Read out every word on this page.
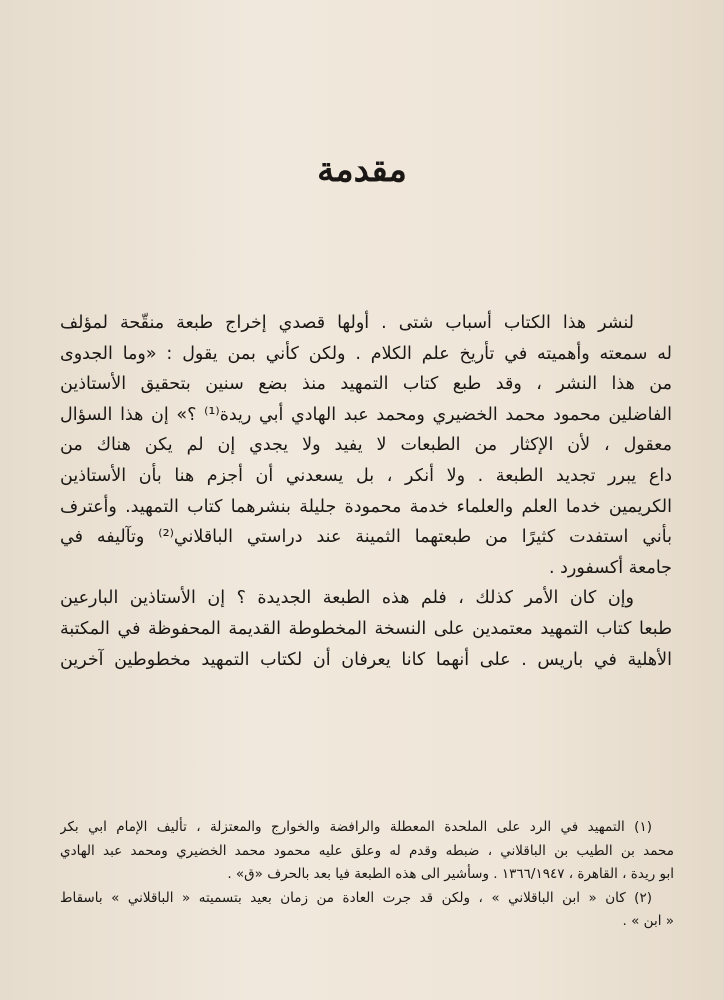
مقدمة
لنشر هذا الكتاب أسباب شتى . أولها قصدي إخراج طبعة منقّحة لمؤلف
له سمعته وأهميته في تأريخ علم الكلام . ولكن كأني بمن يقول : «وما الجدوى
من هذا النشر ، وقد طبع كتاب التمهيد منذ بضع سنين بتحقيق الأستاذين
الفاضلين محمود محمد الخضيري ومحمد عبد الهادي أبي ريدة⁽¹⁾ ؟» إن هذا السؤال
معقول ، لأن الإكثار من الطبعات لا يفيد ولا يجدي إن لم يكن هناك من
داع يبرر تجديد الطبعة . ولا أنكر ، بل يسعدني أن أجزم هنا بأن الأستاذين
الكريمين خدما العلم والعلماء خدمة محمودة جليلة بنشرهما كتاب التمهيد. وأعترف
بأني استفدت كثيرًا من طبعتهما الثمينة عند دراستي الباقلاني⁽²⁾ وتآليفه في
جامعة أكسفورد .
وإن كان الأمر كذلك ، فلم هذه الطبعة الجديدة ؟ إن الأستاذين البارعين
طبعا كتاب التمهيد معتمدين على النسخة المخطوطة القديمة المحفوظة في المكتبة
الأهلية في باريس . على أنهما كانا يعرفان أن لكتاب التمهيد مخطوطين آخرين
(١) التمهيد في الرد على الملحدة المعطلة والرافضة والخوارج والمعتزلة ، تأليف الإمام ابي بكر
محمد بن الطيب بن الباقلاني ، ضبطه وقدم له وعلق عليه محمود محمد الخضيري ومحمد عبد الهادي
ابو ريدة ، القاهرة ، ١٣٦٦/١٩٤٧ . وسأشير الى هذه الطبعة فيا بعد بالحرف «ق» .
(٢) كان « ابن الباقلاني » ، ولكن قد جرت العادة من زمان بعيد بتسميته « الباقلاني » باسقاط
« ابن » .
